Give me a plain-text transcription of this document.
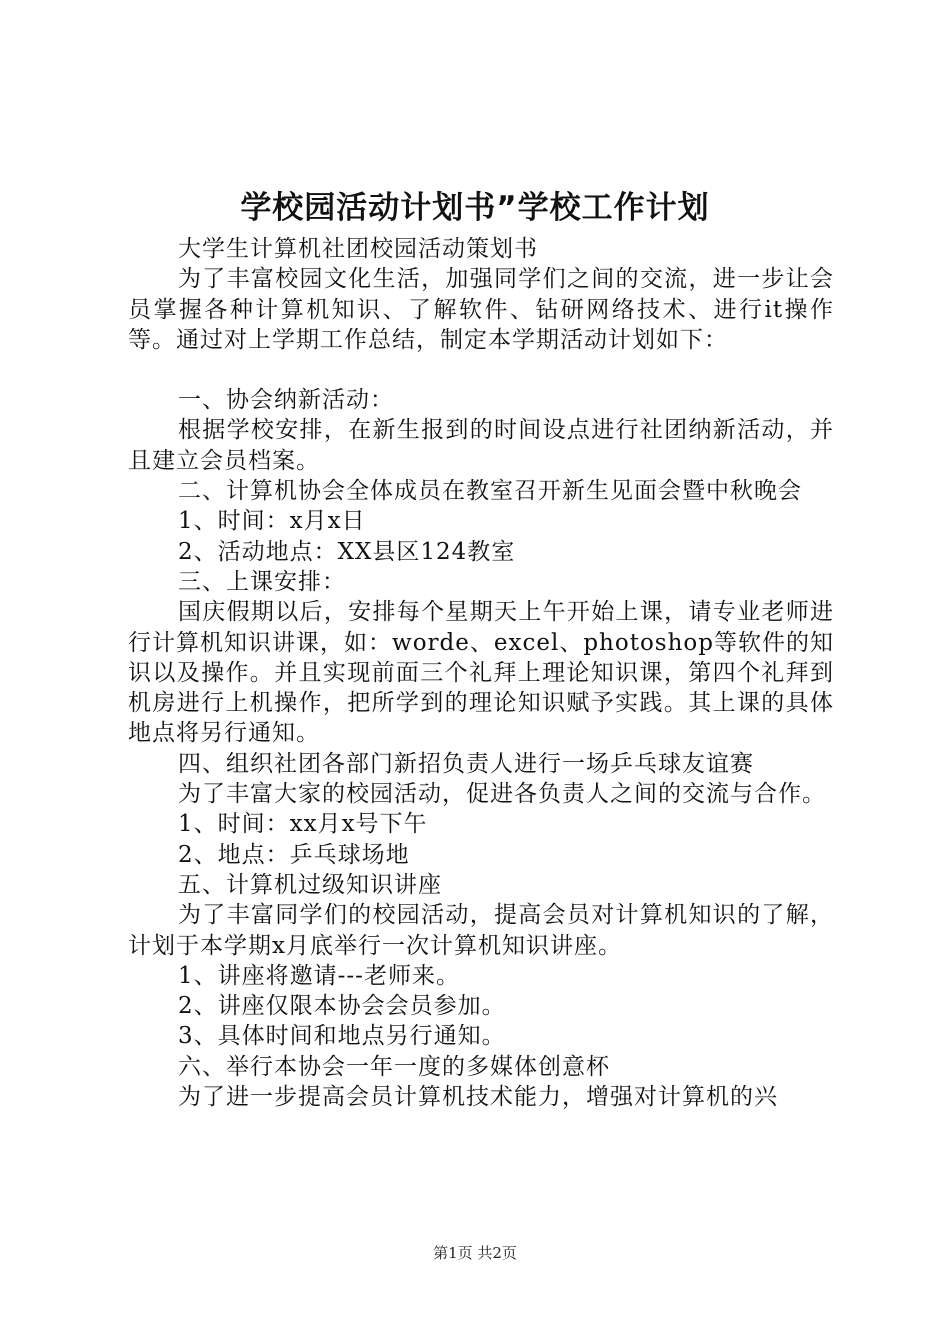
学校园活动计划书”学校工作计划

大学生计算机社团校园活动策划书

为了丰富校园文化生活，加强同学们之间的交流，进一步让会员掌握各种计算机知识、了解软件、钻研网络技术、进行it操作等。通过对上学期工作总结，制定本学期活动计划如下：

一、协会纳新活动：

根据学校安排，在新生报到的时间设点进行社团纳新活动，并且建立会员档案。

二、计算机协会全体成员在教室召开新生见面会暨中秋晚会

1、时间：x月x日

2、活动地点：XX县区124教室

三、上课安排：

国庆假期以后，安排每个星期天上午开始上课，请专业老师进行计算机知识讲课，如：worde、excel、photoshop等软件的知识以及操作。并且实现前面三个礼拜上理论知识课，第四个礼拜到机房进行上机操作，把所学到的理论知识赋予实践。其上课的具体地点将另行通知。

四、组织社团各部门新招负责人进行一场乒乓球友谊赛

为了丰富大家的校园活动，促进各负责人之间的交流与合作。

1、时间：xx月x号下午

2、地点：乒乓球场地

五、计算机过级知识讲座

为了丰富同学们的校园活动，提高会员对计算机知识的了解，计划于本学期x月底举行一次计算机知识讲座。

1、讲座将邀请---老师来。

2、讲座仅限本协会会员参加。

3、具体时间和地点另行通知。

六、举行本协会一年一度的多媒体创意杯

为了进一步提高会员计算机技术能力，增强对计算机的兴

第1页 共2页
